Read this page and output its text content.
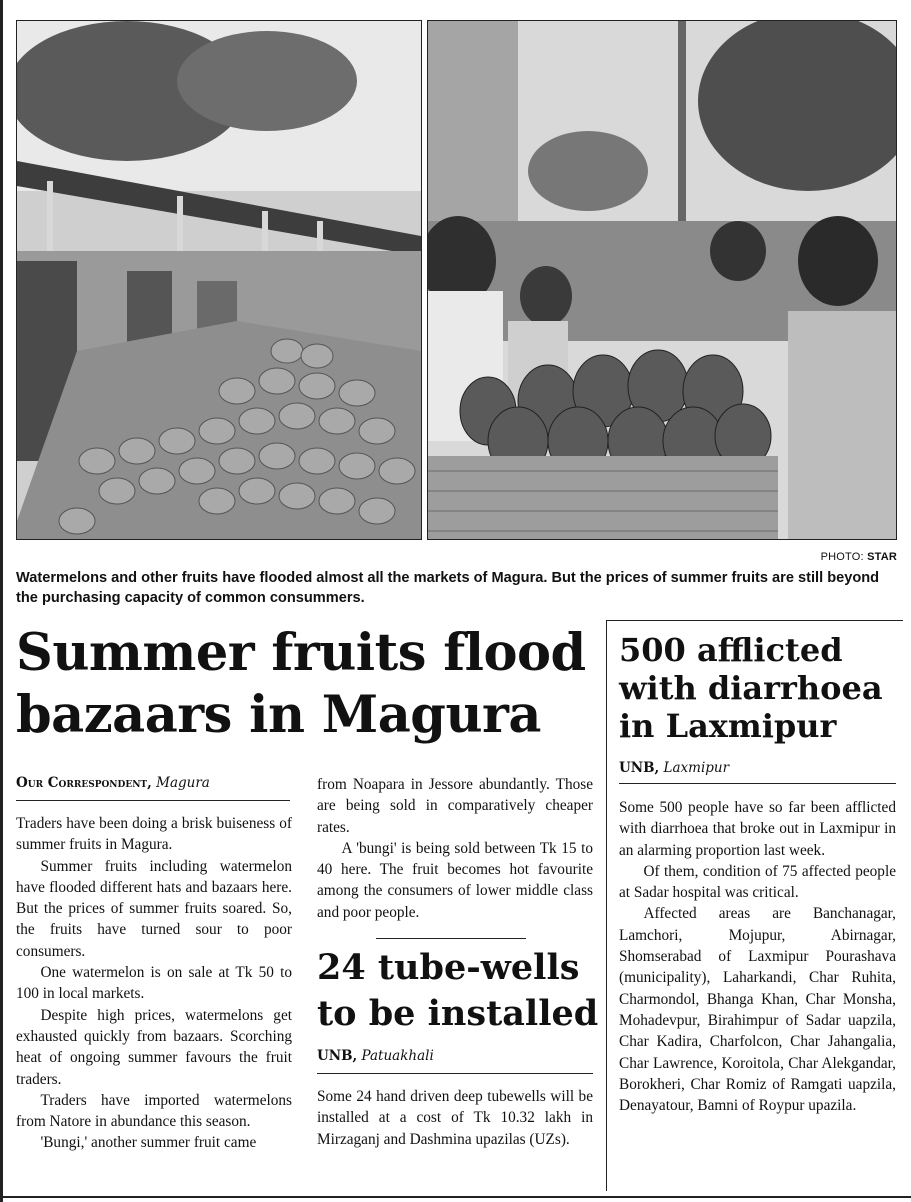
PHOTO: STAR
Watermelons and other fruits have flooded almost all the markets of Magura. But the prices of summer fruits are still beyond the purchasing capacity of common consummers.
Summer fruits flood bazaars in Magura
500 afflicted with diarrhoea in Laxmipur
UNB, Laxmipur

Some 500 people have so far been afflicted with diarrhoea that broke out in Laxmipur in an alarming proportion last week.

Of them, condition of 75 affected people at Sadar hospital was critical.

Affected areas are Banchanagar, Lamchori, Mojupur, Abirnagar, Shomserabad of Laxmipur Pourashava (municipality), Laharkandi, Char Ruhita, Charmondol, Bhanga Khan, Char Monsha, Mohadevpur, Birahimpur of Sadar uapzila, Char Kadira, Charfolcon, Char Jahangalia, Char Lawrence, Koroitola, Char Alekgandar, Borokheri, Char Romiz of Ramgati uapzila, Denayatour, Bamni of Roypur upazila.

Our Correspondent, Magura

Traders have been doing a brisk buiseness of summer fruits in Magura.

Summer fruits including watermelon have flooded different hats and bazaars here. But the prices of summer fruits soared. So, the fruits have turned sour to poor consumers.

One watermelon is on sale at Tk 50 to 100 in local markets.

Despite high prices, watermelons get exhausted quickly from bazaars. Scorching heat of ongoing summer favours the fruit traders.

Traders have imported watermelons from Natore in abundance this season.

'Bungi,' another summer fruit came

from Noapara in Jessore abundantly. Those are being sold in comparatively cheaper rates.

A 'bungi' is being sold between Tk 15 to 40 here. The fruit becomes hot favourite among the consumers of lower middle class and poor people.

24 tube-wells to be installed
UNB, Patuakhali

Some 24 hand driven deep tubewells will be installed at a cost of Tk 10.32 lakh in Mirzaganj and Dashmina upazilas (UZs).
